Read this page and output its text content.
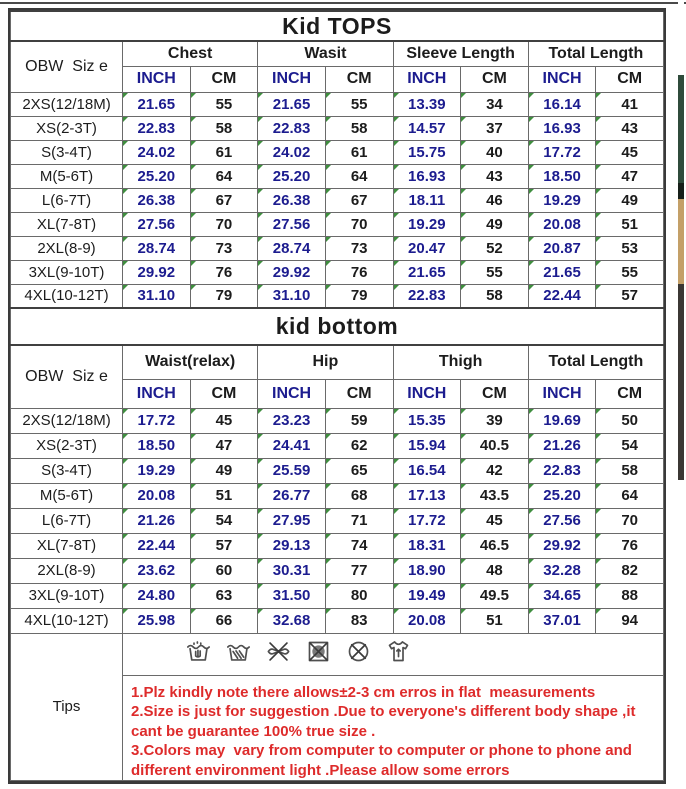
Kid TOPS								
OBW  Siz e	Chest		Wasit		Sleeve Length		Total Length	
	INCH	CM	INCH	CM	INCH	CM	INCH	CM
2XS(12/18M)	21.65	55	21.65	55	13.39	34	16.14	41
XS(2-3T)	22.83	58	22.83	58	14.57	37	16.93	43
S(3-4T)	24.02	61	24.02	61	15.75	40	17.72	45
M(5-6T)	25.20	64	25.20	64	16.93	43	18.50	47
L(6-7T)	26.38	67	26.38	67	18.11	46	19.29	49
XL(7-8T)	27.56	70	27.56	70	19.29	49	20.08	51
2XL(8-9)	28.74	73	28.74	73	20.47	52	20.87	53
3XL(9-10T)	29.92	76	29.92	76	21.65	55	21.65	55
4XL(10-12T)	31.10	79	31.10	79	22.83	58	22.44	57
kid bottom								
OBW  Siz e	Waist(relax)		Hip		Thigh		Total Length	
	INCH	CM	INCH	CM	INCH	CM	INCH	CM
2XS(12/18M)	17.72	45	23.23	59	15.35	39	19.69	50
XS(2-3T)	18.50	47	24.41	62	15.94	40.5	21.26	54
S(3-4T)	19.29	49	25.59	65	16.54	42	22.83	58
M(5-6T)	20.08	51	26.77	68	17.13	43.5	25.20	64
L(6-7T)	21.26	54	27.95	71	17.72	45	27.56	70
XL(7-8T)	22.44	57	29.13	74	18.31	46.5	29.92	76
2XL(8-9)	23.62	60	30.31	77	18.90	48	32.28	82
3XL(9-10T)	24.80	63	31.50	80	19.49	49.5	34.65	88
4XL(10-12T)	25.98	66	32.68	83	20.08	51	37.01	94
Tips	

	1.Plz kindly note there allows±2-3 cm erros in flat  measurements
2.Size is just for suggestion .Due to everyone's different body shape ,it cant be guarantee 100% true size .
3.Colors may  vary from computer to computer or phone to phone and different environment light .Please allow some errors							
